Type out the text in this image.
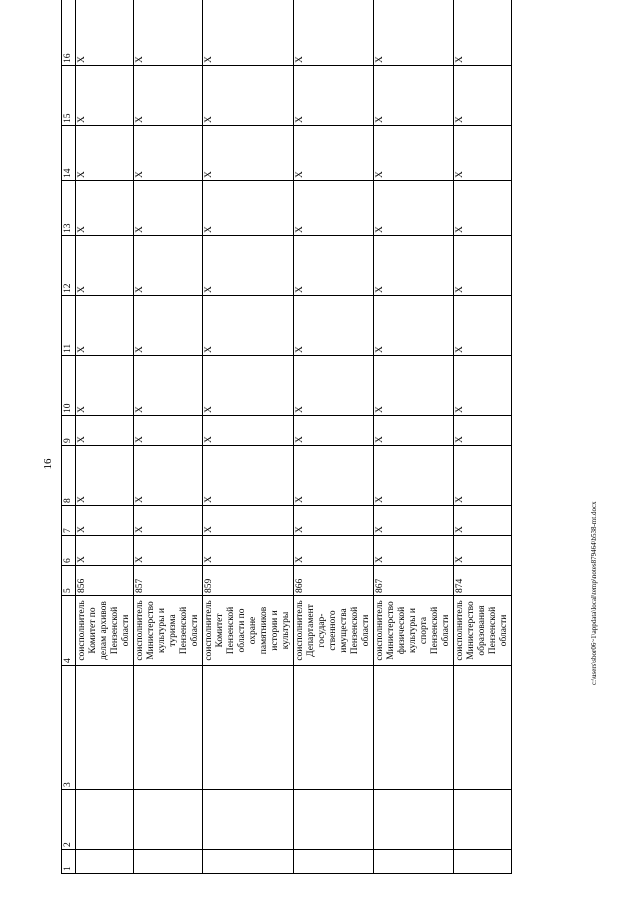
16
1	2	3	4	5	6	7	8	9	10	11	12	13	14	15	16

			соисполнитель Комитет по делам архивов Пензенской области	856	X	X	X	X	X	X	X	X	X	X	X

			соисполнитель Министерство культуры и туризма Пензенской области	857	X	X	X	X	X	X	X	X	X	X	X

			соисполнитель Комитет Пензенской области по охране памятников истории и культуры	859	X	X	X	X	X	X	X	X	X	X	X

			соисполнитель Департамент государ-ственного имущества Пензенской области	866	X	X	X	X	X	X	X	X	X	X	X

			соисполнитель Министерство физической культуры и спорта Пензенской области	867	X	X	X	X	X	X	X	X	X	X	X

			соисполнитель Министерство образования Пензенской области	874	X	X	X	X	X	X	X	X	X	X	X
c:\users\sbor06~1\appdata\local\temp\notes879464\b538-mt.docx
